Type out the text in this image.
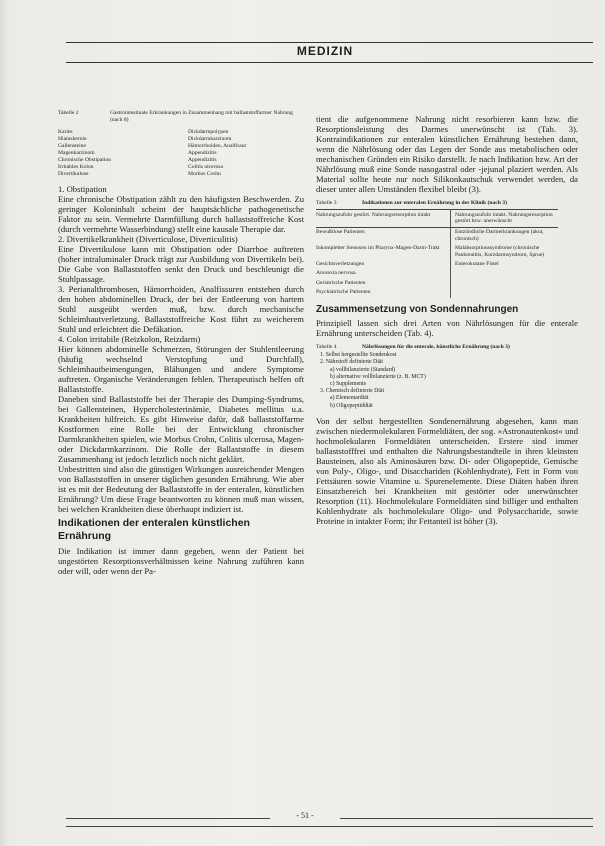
MEDIZIN
Tabelle 2	Gastrointestinale Erkrankungen in Zusammenhang mit ballaststoffarmer Nahrung (nach 8)
Karies	Dickdarmpolypen
Hiatushernie	Dickdarmkarzinom
Gallensteine	Hämorrhoiden, Analfissur
Magenkarzinom	Appendizitis
Chronische Obstipation	Appendizitis
Irritables Kolon	Colitis ulcerosa
Divertikulose	Morbus Crohn

1. Obstipation

Eine chronische Obstipation zählt zu den häufigsten Beschwerden. Zu geringer Koloninhalt scheint der hauptsächliche pathogenetische Faktor zu sein. Vermehrte Darmfüllung durch ballaststoffreiche Kost (durch vermehrte Wasserbindung) stellt eine kausale Therapie dar.

2. Divertikelkrankheit (Diverticulose, Diverticulitis)

Eine Divertikulose kann mit Obstipation oder Diarrhoe auftreten (hoher intraluminaler Druck trägt zur Ausbildung von Divertikeln bei). Die Gabe von Ballaststoffen senkt den Druck und beschleunigt die Stuhlpassage.

3. Perianalthrombosen, Hämorrhoiden, Analfissuren entstehen durch den hohen abdominellen Druck, der bei der Entleerung von hartem Stuhl ausgeübt werden muß, bzw. durch mechanische Schleimhautverletzung. Ballaststoffreiche Kost führt zu weicherem Stuhl und erleichtert die Defäkation.

4. Colon irritabile (Reizkolon, Reizdarm)

Hier können abdominelle Schmerzen, Störungen der Stuhlentleerung (häufig wechselnd Verstopfung und Durchfall), Schleimhautbeimengungen, Blähungen und andere Symptome auftreten. Organische Veränderungen fehlen. Therapeutisch helfen oft Ballaststoffe.

Daneben sind Ballaststoffe bei der Therapie des Dumping-Syndrums, bei Gallensteinen, Hypercholesterinämie, Diabetes mellitus u.a. Krankheiten hilfreich. Es gibt Hinweise dafür, daß ballaststoffarme Kostformen eine Rolle bei der Entwicklung chronischer Darmkrankheiten spielen, wie Morbus Crohn, Colitis ulcerosa, Magen- oder Dickdarmkarzinom. Die Rolle der Ballaststoffe in diesem Zusammenhang ist jedoch letztlich noch nicht geklärt.

Unbestritten sind also die günstigen Wirkungen ausreichender Mengen von Ballaststoffen in unserer täglichen gesunden Ernährung. Wie aber ist es mit der Bedeutung der Ballaststoffe in der enteralen, künstlichen Ernährung? Um diese Frage beantworten zu können muß man wissen, bei welchen Krankheiten diese überhaupt indiziert ist.

Indikationen der enteralen künstlichen Ernährung

Die Indikation ist immer dann gegeben, wenn der Patient bei ungestörten Resorptionsverhältnissen keine Nahrung zuführen kann oder will, oder wenn der Pa-

tient die aufgenommene Nahrung nicht resorbieren kann bzw. die Resorptionsleistung des Darmes unerwünscht ist (Tab. 3). Kontraindikationen zur enteralen künstlichen Ernährung bestehen dann, wenn die Nährlösung oder das Legen der Sonde aus metabolischen oder mechanischen Gründen ein Risiko darstellt. Je nach Indikation bzw. Art der Nährlösung muß eine Sonde nasogastral oder -jejunal plaziert werden. Als Material sollte heute nur noch Silikonkautschuk verwendet werden, da dieser unter allen Umständen flexibel bleibt (3).

Tabelle 3	Indikationen zur enteralen Ernährung in der Klinik (nach 3)
Nahrungszufuhr gestört. Nahrungsresorption intakt	Nahrungszufuhr intakt. Nahrungsresorption gestört bzw. unerwünscht
Bewußtlose Patienten	Entzündliche Darmerkrankungen (akut, chronisch)
Inkompletter Stenosen im Pharynx-Magen-Darm-Trakt	Malabsorptionssyndrome (chronische Pankreatitis, Kurzdarmsyndrom, Sprue)
Gesichtsverletzungen	Enterokutane Fistel
Anorexia nervosa	
Geriatrische Patienten	
Psychiatrische Patienten	
Zusammensetzung von Sondennahrungen

Prinzipiell lassen sich drei Arten von Nährlösungen für die enterale Ernährung unterscheiden (Tab. 4).

Tabelle 4	Nährlösungen für die enterale, künstliche Ernährung (nach 3)
1. Selbst hergestellte Sondenkost
2. Nährstoff definierte Diät
a) vollbilanzierte (Standard)
b) alternative vollbilanzierte (z. B. MCT)
c) Supplemente
3. Chemisch definierte Diät
a) Elementardiät
b) Oligopeptiddiät

Von der selbst hergestellten Sondenernährung abgesehen, kann man zwischen niedermolekularen Formeldiäten, der sog. »Astronautenkost« und hochmolekularen Formeldiäten unterscheiden. Erstere sind immer ballaststofffrei und enthalten die Nahrungsbestandteile in ihren kleinsten Bausteinen, also als Aminosäuren bzw. Di- oder Oligopeptide, Gemische von Poly-, Oligo-, und Disacchariden (Kohlenhydrate), Fett in Form von Fettsäuren sowie Vitamine u. Spurenelemente. Diese Diäten haben ihren Einsatzbereich bei Krankheiten mit gestörter oder unerwünschter Resorption (11). Hochmolekulare Formeldiäten sind billiger und enthalten Kohlenhydrate als hochmolekulare Oligo- und Polysaccharide, sowie Proteine in intakter Form; ihr Fettanteil ist höher (3).

- 51 -
